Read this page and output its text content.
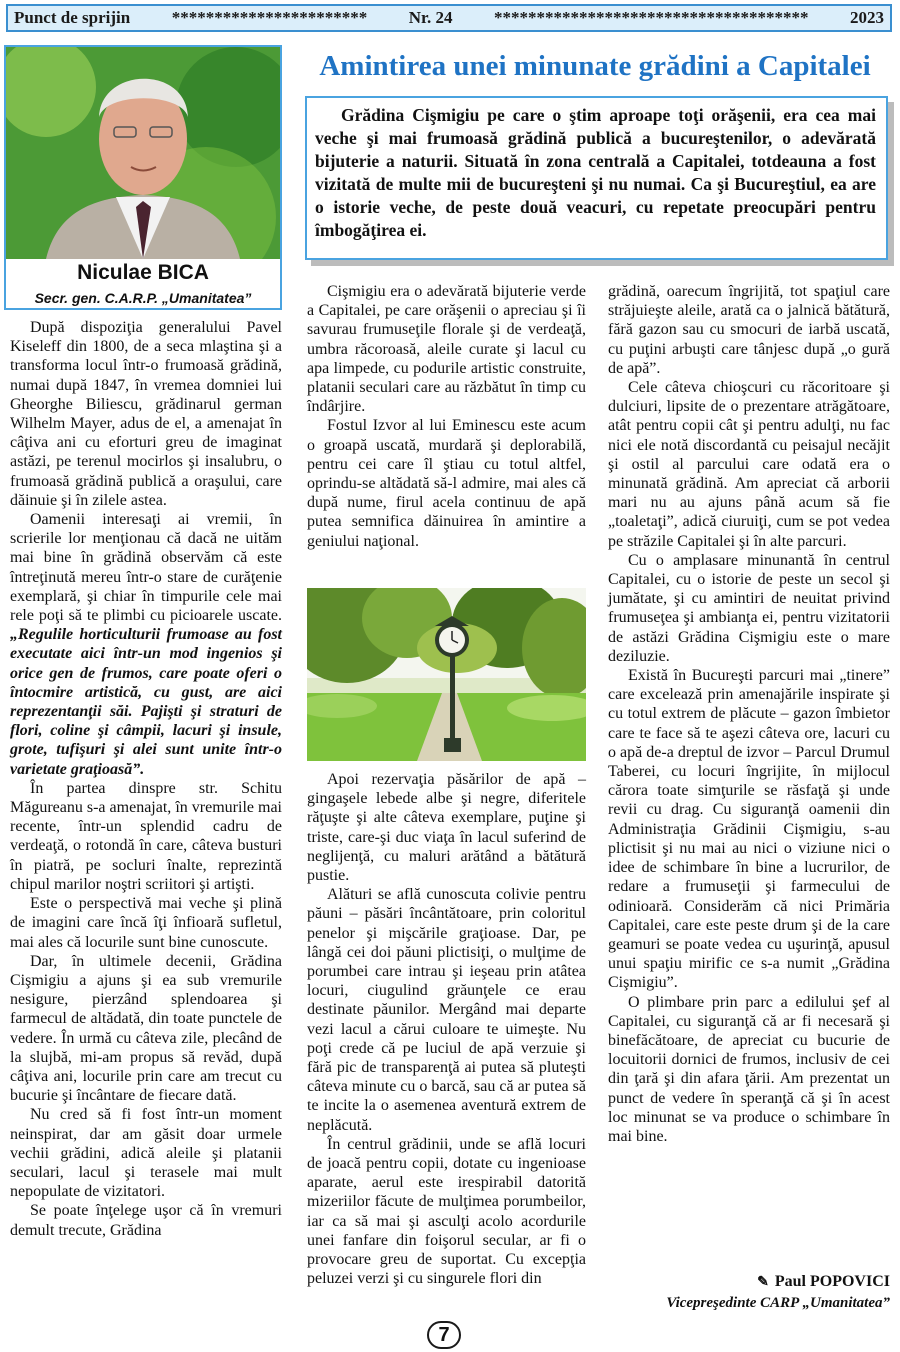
Punct de sprijin *********************** Nr. 24 ************************************* 2023
Niculae BICA
Secr. gen. C.A.R.P. „Umanitatea”
Amintirea unei minunate grădini a Capitalei

Grădina Cişmigiu pe care o ştim aproape toţi orăşenii, era cea mai veche şi mai frumoasă grădină publică a bucureştenilor, o adevărată bijuterie a naturii. Situată în zona centrală a Capitalei, totdeauna a fost vizitată de multe mii de bucureşteni şi nu numai. Ca şi Bucureştiul, ea are o istorie veche, de peste două veacuri, cu repetate preocupări pentru îmbogăţirea ei.

După dispoziţia generalului Pavel Kiseleff din 1800, de a seca mlaştina şi a transforma locul într-o frumoasă grădină, numai după 1847, în vremea domniei lui Gheorghe Biliescu, grădinarul german Wilhelm Mayer, adus de el, a amenajat în câţiva ani cu eforturi greu de imaginat astăzi, pe terenul mocirlos şi insalubru, o frumoasă grădină publică a oraşului, care dăinuie şi în zilele astea.

Oamenii interesaţi ai vremii, în scrierile lor menţionau că dacă ne uităm mai bine în grădină observăm că este întreţinută mereu într-o stare de curăţenie exemplară, şi chiar în timpurile cele mai rele poţi să te plimbi cu picioarele uscate. „Regulile horticulturii frumoase au fost executate aici într-un mod ingenios şi orice gen de frumos, care poate oferi o întocmire artistică, cu gust, are aici reprezentanţii săi. Pajişti şi straturi de flori, coline şi câmpii, lacuri şi insule, grote, tufişuri şi alei sunt unite într-o varietate graţioasă”.

În partea dinspre str. Schitu Măgureanu s-a amenajat, în vremurile mai recente, într-un splendid cadru de verdeaţă, o rotondă în care, câteva busturi în piatră, pe socluri înalte, reprezintă chipul marilor noştri scriitori şi artişti.

Este o perspectivă mai veche şi plină de imagini care încă îţi înfioară sufletul, mai ales că locurile sunt bine cunoscute.

Dar, în ultimele decenii, Grădina Cişmigiu a ajuns şi ea sub vremurile nesigure, pierzând splendoarea şi farmecul de altădată, din toate punctele de vedere. În urmă cu câteva zile, plecând de la slujbă, mi-am propus să revăd, după câţiva ani, locurile prin care am trecut cu bucurie şi încântare de fiecare dată.

Nu cred să fi fost într-un moment neinspirat, dar am găsit doar urmele vechii grădini, adică aleile şi platanii seculari, lacul şi terasele mai mult nepopulate de vizitatori.

Se poate înţelege uşor că în vremuri demult trecute, Grădina

Cişmigiu era o adevărată bijuterie verde a Capitalei, pe care orăşenii o apreciau şi îi savurau frumuseţile florale şi de verdeaţă, umbra răcoroasă, aleile curate şi lacul cu apa limpede, cu podurile artistic construite, platanii seculari care au răzbătut în timp cu îndârjire.

Fostul Izvor al lui Eminescu este acum o groapă uscată, murdară şi deplorabilă, pentru cei care îl ştiau cu totul altfel, oprindu-se altădată să-l admire, mai ales că după nume, firul acela continuu de apă putea semnifica dăinuirea în amintire a geniului naţional.

Apoi rezervaţia păsărilor de apă – gingaşele lebede albe şi negre, diferitele răţuşte şi alte câteva exemplare, puţine şi triste, care-şi duc viaţa în lacul suferind de neglijenţă, cu maluri arătând a bătătură pustie.

Alături se află cunoscuta colivie pentru păuni – păsări încântătoare, prin coloritul penelor şi mişcările graţioase. Dar, pe lângă cei doi păuni plictisiţi, o mulţime de porumbei care intrau şi ieşeau prin atâtea locuri, ciugulind grăunţele ce erau destinate păunilor. Mergând mai departe vezi lacul a cărui culoare te uimeşte. Nu poţi crede că pe luciul de apă verzuie şi fără pic de transparenţă ai putea să pluteşti câteva minute cu o barcă, sau că ar putea să te incite la o asemenea aventură extrem de neplăcută.

În centrul grădinii, unde se află locuri de joacă pentru copii, dotate cu ingenioase aparate, aerul este irespirabil datorită mizeriilor făcute de mulţimea porumbeilor, iar ca să mai şi asculţi acolo acordurile unei fanfare din foişorul secular, ar fi o provocare greu de suportat. Cu excepţia peluzei verzi şi cu singurele flori din

grădină, oarecum îngrijită, tot spaţiul care străjuieşte aleile, arată ca o jalnică bătătură, fără gazon sau cu smocuri de iarbă uscată, cu puţini arbuşti care tânjesc după „o gură de apă”.

Cele câteva chioşcuri cu răcoritoare şi dulciuri, lipsite de o prezentare atrăgătoare, atât pentru copii cât şi pentru adulţi, nu fac nici ele notă discordantă cu peisajul necăjit şi ostil al parcului care odată era o minunată grădină. Am apreciat că arborii mari nu au ajuns până acum să fie „toaletaţi”, adică ciuruiţi, cum se pot vedea pe străzile Capitalei şi în alte parcuri.

Cu o amplasare minunantă în centrul Capitalei, cu o istorie de peste un secol şi jumătate, şi cu amintiri de neuitat privind frumuseţea şi ambianţa ei, pentru vizitatorii de astăzi Grădina Cişmigiu este o mare deziluzie.

Există în Bucureşti parcuri mai „tinere” care excelează prin amenajările inspirate şi cu totul extrem de plăcute – gazon îmbietor care te face să te aşezi câteva ore, lacuri cu o apă de-a dreptul de izvor – Parcul Drumul Taberei, cu locuri îngrijite, în mijlocul cărora toate simţurile se răsfaţă şi unde revii cu drag. Cu siguranţă oamenii din Administraţia Grădinii Cişmigiu, s-au plictisit şi nu mai au nici o viziune nici o idee de schimbare în bine a lucrurilor, de redare a frumuseţii şi farmecului de odinioară. Considerăm că nici Primăria Capitalei, care este peste drum şi de la care geamuri se poate vedea cu uşurinţă, apusul unui spaţiu mirific ce s-a numit „Grădina Cişmigiu”.

O plimbare prin parc a edilului şef al Capitalei, cu siguranţă că ar fi necesară şi binefăcătoare, de apreciat cu bucurie de locuitorii dornici de frumos, inclusiv de cei din ţară şi din afara ţării. Am prezentat un punct de vedere în speranţă că şi în acest loc minunat se va produce o schimbare în mai bine.

✎ Paul POPOVICI
Vicepreşedinte CARP „Umanitatea”
7
